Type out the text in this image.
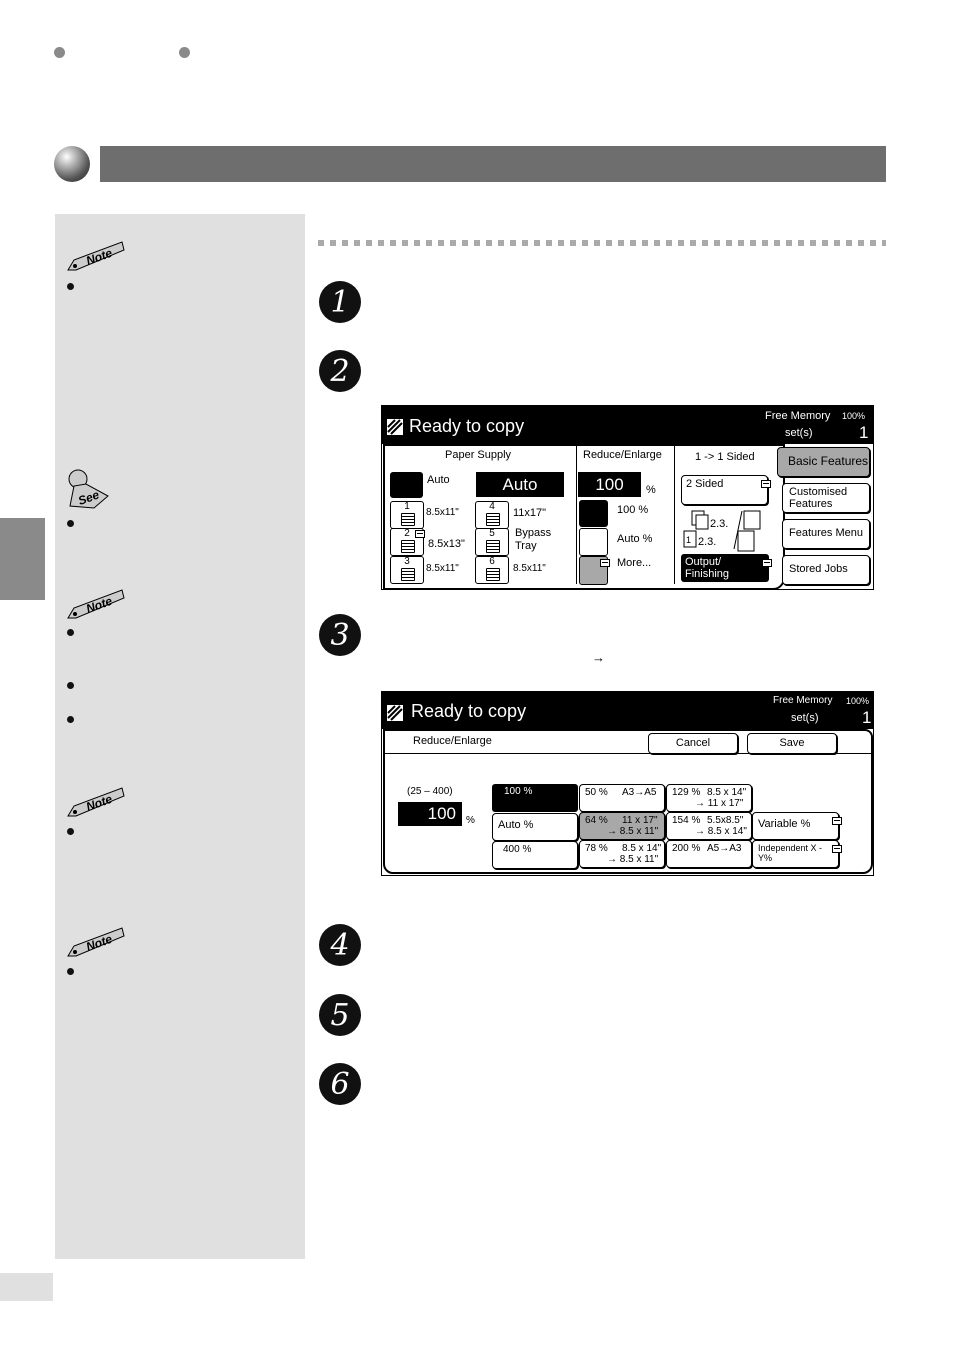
Note
See
Note
Note
Note
1
2
3
→
4
5
6
Ready to copy	Free Memory 100%
set(s)	1
Paper Supply
Auto	Auto
1
8.5x11"
2
8.5x13"
3
8.5x11"
4
11x17"
5	Bypass Tray
6
8.5x11"
Reduce/Enlarge
100 %
100 %
Auto %
More...
1 -> 1 Sided
2 Sided
1
2.3.
2.3.
Output/ Finishing
Basic Features
Customised Features
Features Menu
Stored Jobs
Ready to copy
Free Memory 100%
set(s)	1
Reduce/Enlarge	Cancel	Save
(25 – 400)
100 %
100 %
Auto %
400 %
50 % A3→A5
64 % 11 x 17"
→ 8.5 x 11"
78 % 8.5 x 14"
→ 8.5 x 11"
129 % 8.5 x 14"
→ 11 x 17"
154 % 5.5x8.5"
→ 8.5 x 14"
200 % A5→A3
Variable %
Independent X - Y%
